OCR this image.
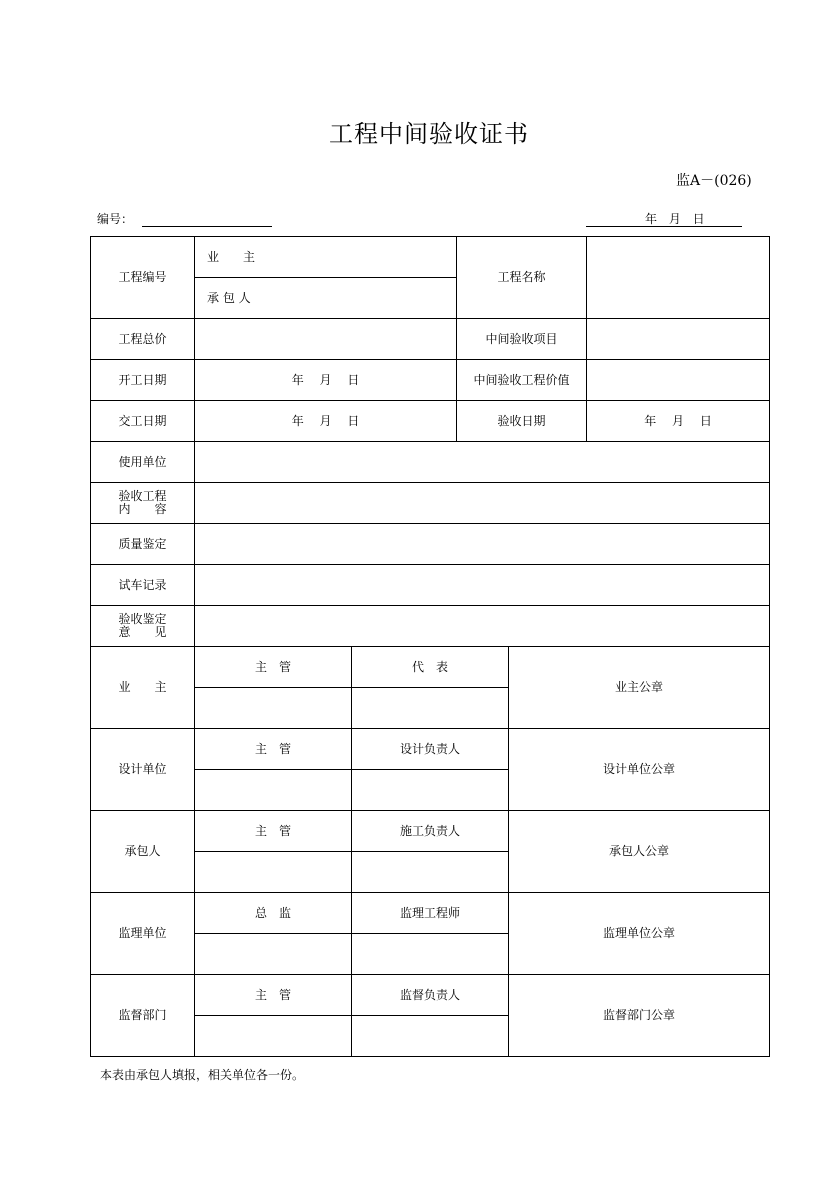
工程中间验收证书
监A－(026)
编号：	年 月 日
工程编号	业　　主		工程名称		
	承 包 人				
工程总价			中间验收项目		
开工日期	年　 月　 日		中间验收工程价值		
交工日期	年　 月　 日		验收日期		年　 月　 日
使用单位					
验收工程
内　　容					
质量鉴定					
试车记录					
验收鉴定
意　　见					
业　　主	主　管	代　表		业主公章	

设计单位	主　管	设计负责人		设计单位公章	

承包人	主　管	施工负责人		承包人公章	

监理单位	总　监	监理工程师		监理单位公章	

监督部门	主　管	监督负责人		监督部门公章	

本表由承包人填报，相关单位各一份。
